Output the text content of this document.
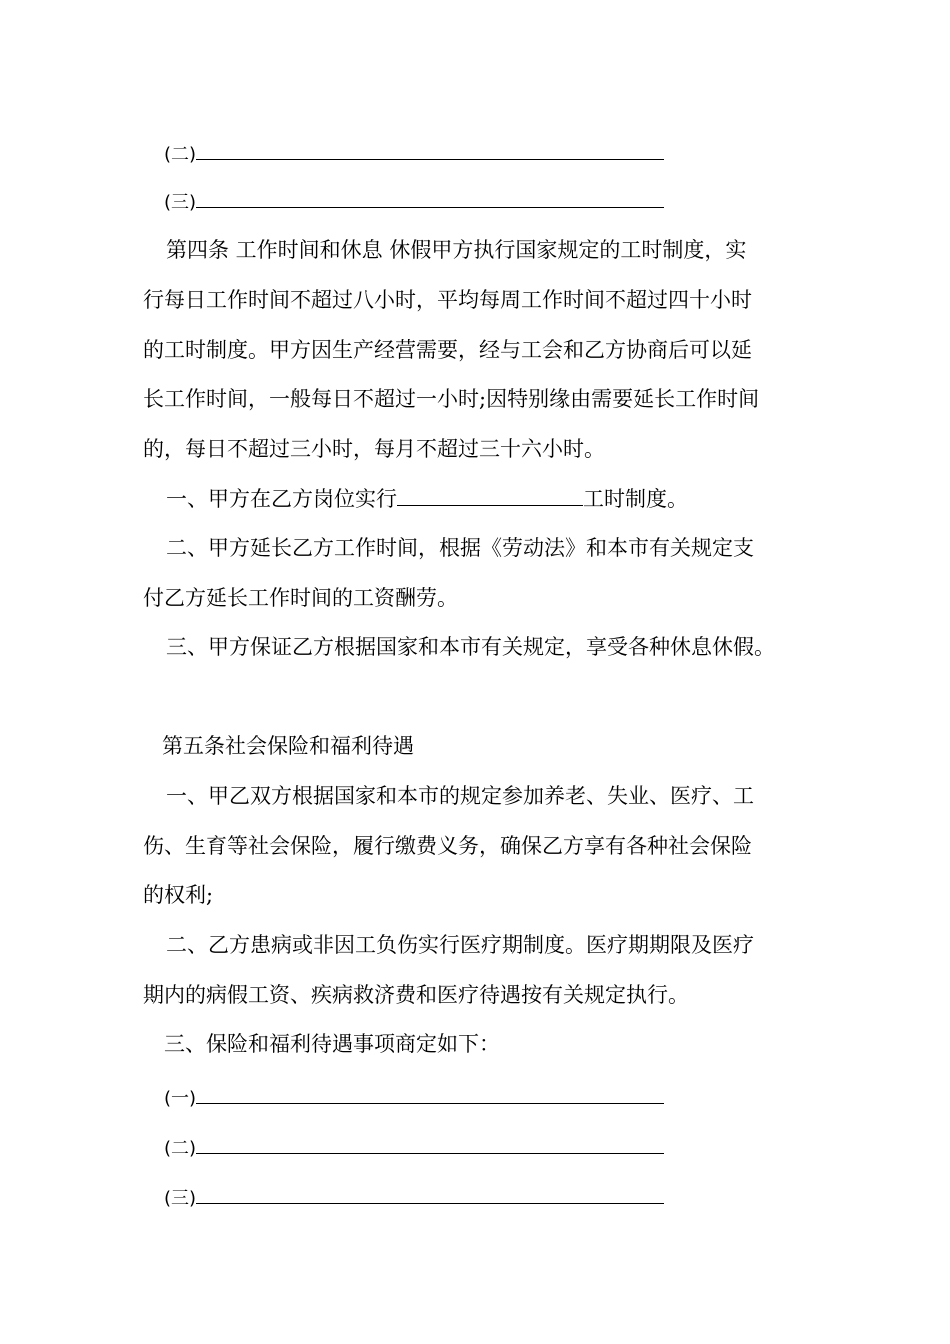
(二)
(三)
第四条 工作时间和休息 休假甲方执行国家规定的工时制度，实
行每日工作时间不超过八小时，平均每周工作时间不超过四十小时
的工时制度。甲方因生产经营需要，经与工会和乙方协商后可以延
长工作时间，一般每日不超过一小时;因特别缘由需要延长工作时间
的，每日不超过三小时，每月不超过三十六小时。
一、甲方在乙方岗位实行	工时制度。
二、甲方延长乙方工作时间，根据《劳动法》和本市有关规定支
付乙方延长工作时间的工资酬劳。
三、甲方保证乙方根据国家和本市有关规定，享受各种休息休假。
第五条社会保险和福利待遇
一、甲乙双方根据国家和本市的规定参加养老、失业、医疗、工
伤、生育等社会保险，履行缴费义务，确保乙方享有各种社会保险
的权利;
二、乙方患病或非因工负伤实行医疗期制度。医疗期期限及医疗
期内的病假工资、疾病救济费和医疗待遇按有关规定执行。
三、保险和福利待遇事项商定如下：
(一)
(二)
(三)
